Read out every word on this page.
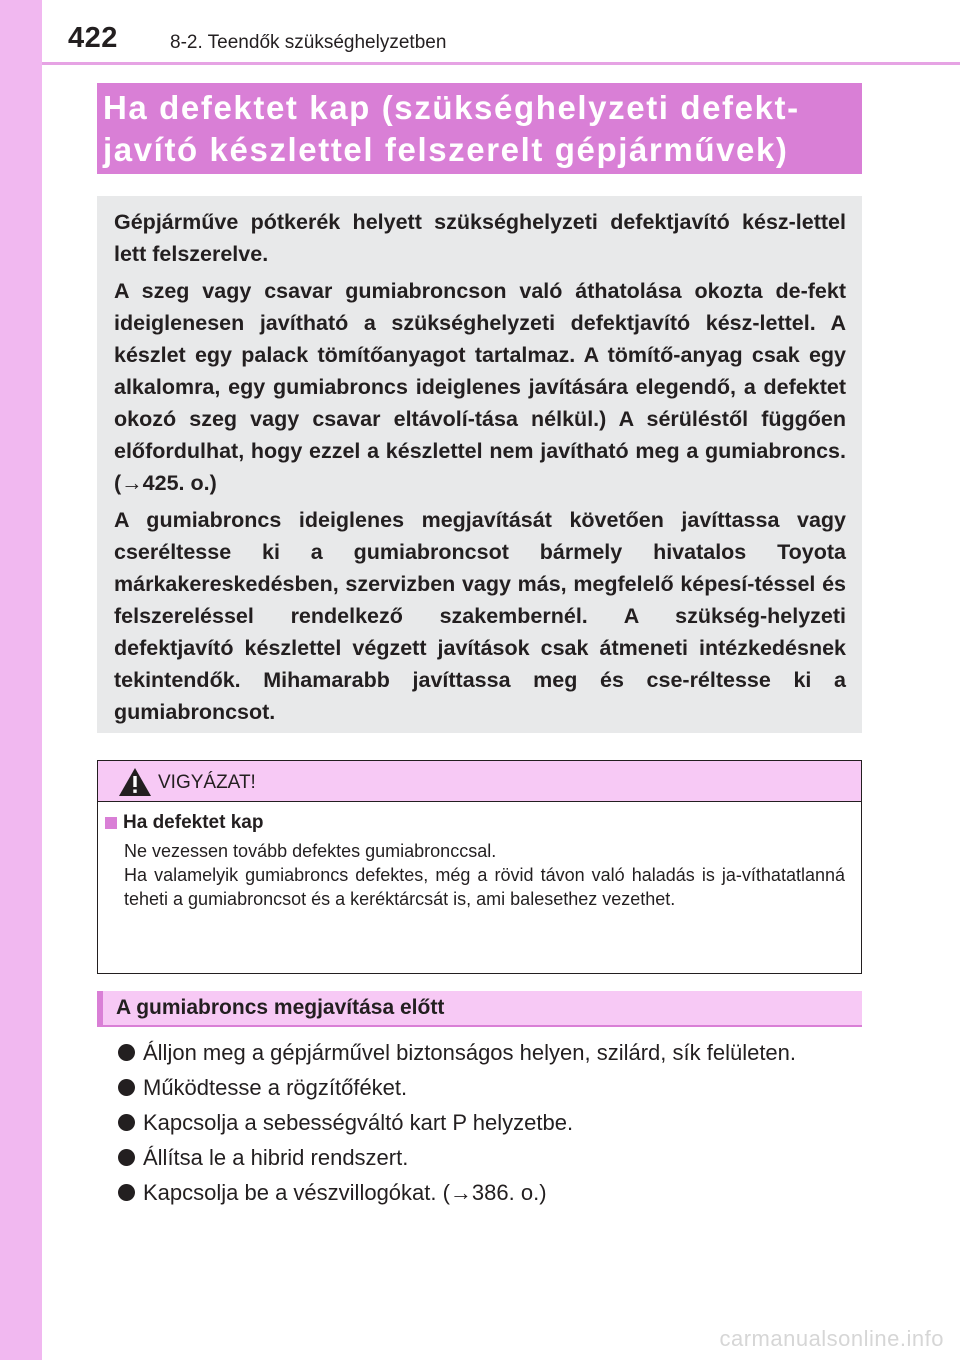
422	8-2. Teendők szükséghelyzetben
Ha defektet kap (szükséghelyzeti defekt-
javító készlettel felszerelt gépjárművek)

Gépjárműve pótkerék helyett szükséghelyzeti defektjavító kész-lettel lett felszerelve.

A szeg vagy csavar gumiabroncson való áthatolása okozta de-fekt ideiglenesen javítható a szükséghelyzeti defektjavító kész-lettel. A készlet egy palack tömítőanyagot tartalmaz. A tömítő-anyag csak egy alkalomra, egy gumiabroncs ideiglenes javítására elegendő, a defektet okozó szeg vagy csavar eltávolí-tása nélkül.) A sérüléstől függően előfordulhat, hogy ezzel a készlettel nem javítható meg a gumiabroncs. (→425. o.)

A gumiabroncs ideiglenes megjavítását követően javíttassa vagy cseréltesse ki a gumiabroncsot bármely hivatalos Toyota márkakereskedésben, szervizben vagy más, megfelelő képesí-téssel és felszereléssel rendelkező szakembernél. A szükség-helyzeti defektjavító készlettel végzett javítások csak átmeneti intézkedésnek tekintendők. Mihamarabb javíttassa meg és cse-réltesse ki a gumiabroncsot.

VIGYÁZAT!
Ha defektet kap

Ne vezessen tovább defektes gumiabronccsal.
Ha valamelyik gumiabroncs defektes, még a rövid távon való haladás is ja-víthatatlanná teheti a gumiabroncsot és a keréktárcsát is, ami balesethez vezethet.

A gumiabroncs megjavítása előtt
Álljon meg a gépjárművel biztonságos helyen, szilárd, sík felületen.
Működtesse a rögzítőféket.
Kapcsolja a sebességváltó kart P helyzetbe.
Állítsa le a hibrid rendszert.
Kapcsolja be a vészvillogókat. (→386. o.)
carmanualsonline.info
